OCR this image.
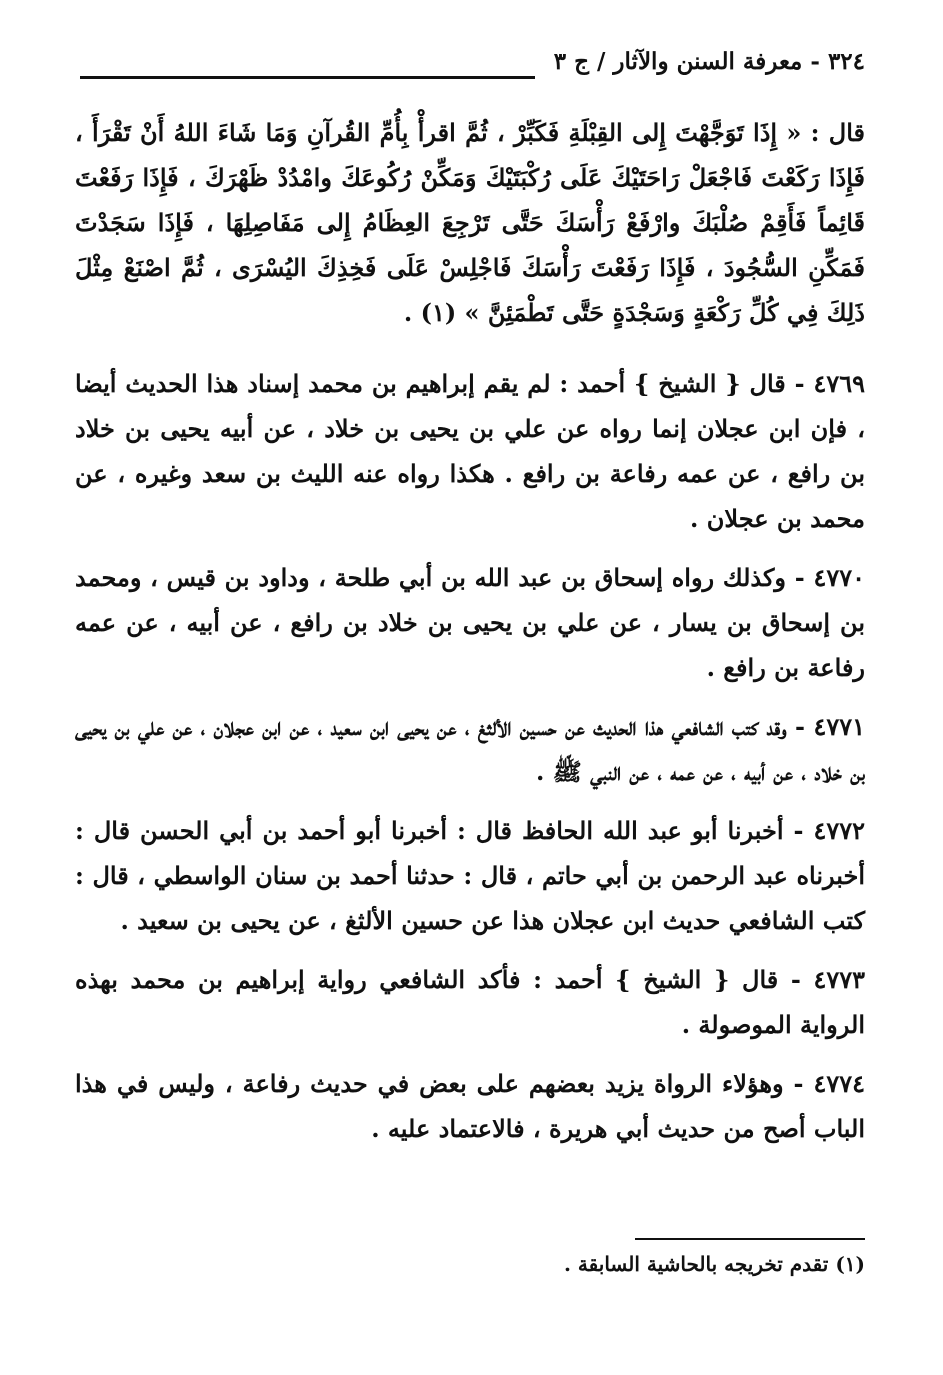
٣٢٤ - معرفة السنن والآثار / ج ٣

قال : « إِذَا تَوَجَّهْتَ إِلى القِبْلَةِ فَكَبِّرْ ، ثُمَّ اقرأْ بِأُمِّ القُرآنِ وَمَا شَاءَ اللهُ أَنْ تَقْرَأَ ، فَإِذَا رَكَعْتَ فَاجْعَلْ رَاحَتَيْكَ عَلَى رُكْبَتَيْكَ وَمَكِّنْ رُكُوعَكَ وامْدُدْ ظَهْرَكَ ، فَإِذَا رَفَعْتَ قَائِماً فَأَقِمْ صُلْبَكَ وارْفَعْ رَأْسَكَ حَتَّى تَرْجِعَ العِظَامُ إِلى مَفَاصِلِهَا ، فَإِذَا سَجَدْتَ فَمَكِّنِ السُّجُودَ ، فَإِذَا رَفَعْتَ رَأْسَكَ فَاجْلِسْ عَلَى فَخِذِكَ اليُسْرَى ، ثُمَّ اصْنَعْ مِثْلَ ذَلِكَ فِي كُلِّ رَكْعَةٍ وَسَجْدَةٍ حَتَّى تَطْمَئِنَّ » (١) .

٤٧٦٩ - قال { الشيخ } أحمد : لم يقم إبراهيم بن محمد إسناد هذا الحديث أيضا ، فإن ابن عجلان إنما رواه عن علي بن يحيى بن خلاد ، عن أبيه يحيى بن خلاد بن رافع ، عن عمه رفاعة بن رافع . هكذا رواه عنه الليث بن سعد وغيره ، عن محمد بن عجلان .

٤٧٧٠ - وكذلك رواه إسحاق بن عبد الله بن أبي طلحة ، وداود بن قيس ، ومحمد بن إسحاق بن يسار ، عن علي بن يحيى بن خلاد بن رافع ، عن أبيه ، عن عمه رفاعة بن رافع .

٤٧٧١ - وقد كتب الشافعي هذا الحديث عن حسين الألثغ ، عن يحيى ابن سعيد ، عن ابن عجلان ، عن علي بن يحيى بن خلاد ، عن أبيه ، عن عمه ، عن النبي ﷺ .

٤٧٧٢ - أخبرنا أبو عبد الله الحافظ قال : أخبرنا أبو أحمد بن أبي الحسن قال : أخبرناه عبد الرحمن بن أبي حاتم ، قال : حدثنا أحمد بن سنان الواسطي ، قال : كتب الشافعي حديث ابن عجلان هذا عن حسين الألثغ ، عن يحيى بن سعيد .

٤٧٧٣ - قال { الشيخ } أحمد : فأكد الشافعي رواية إبراهيم بن محمد بهذه الرواية الموصولة .

٤٧٧٤ - وهؤلاء الرواة يزيد بعضهم على بعض في حديث رفاعة ، وليس في هذا الباب أصح من حديث أبي هريرة ، فالاعتماد عليه .

(١) تقدم تخريجه بالحاشية السابقة .
